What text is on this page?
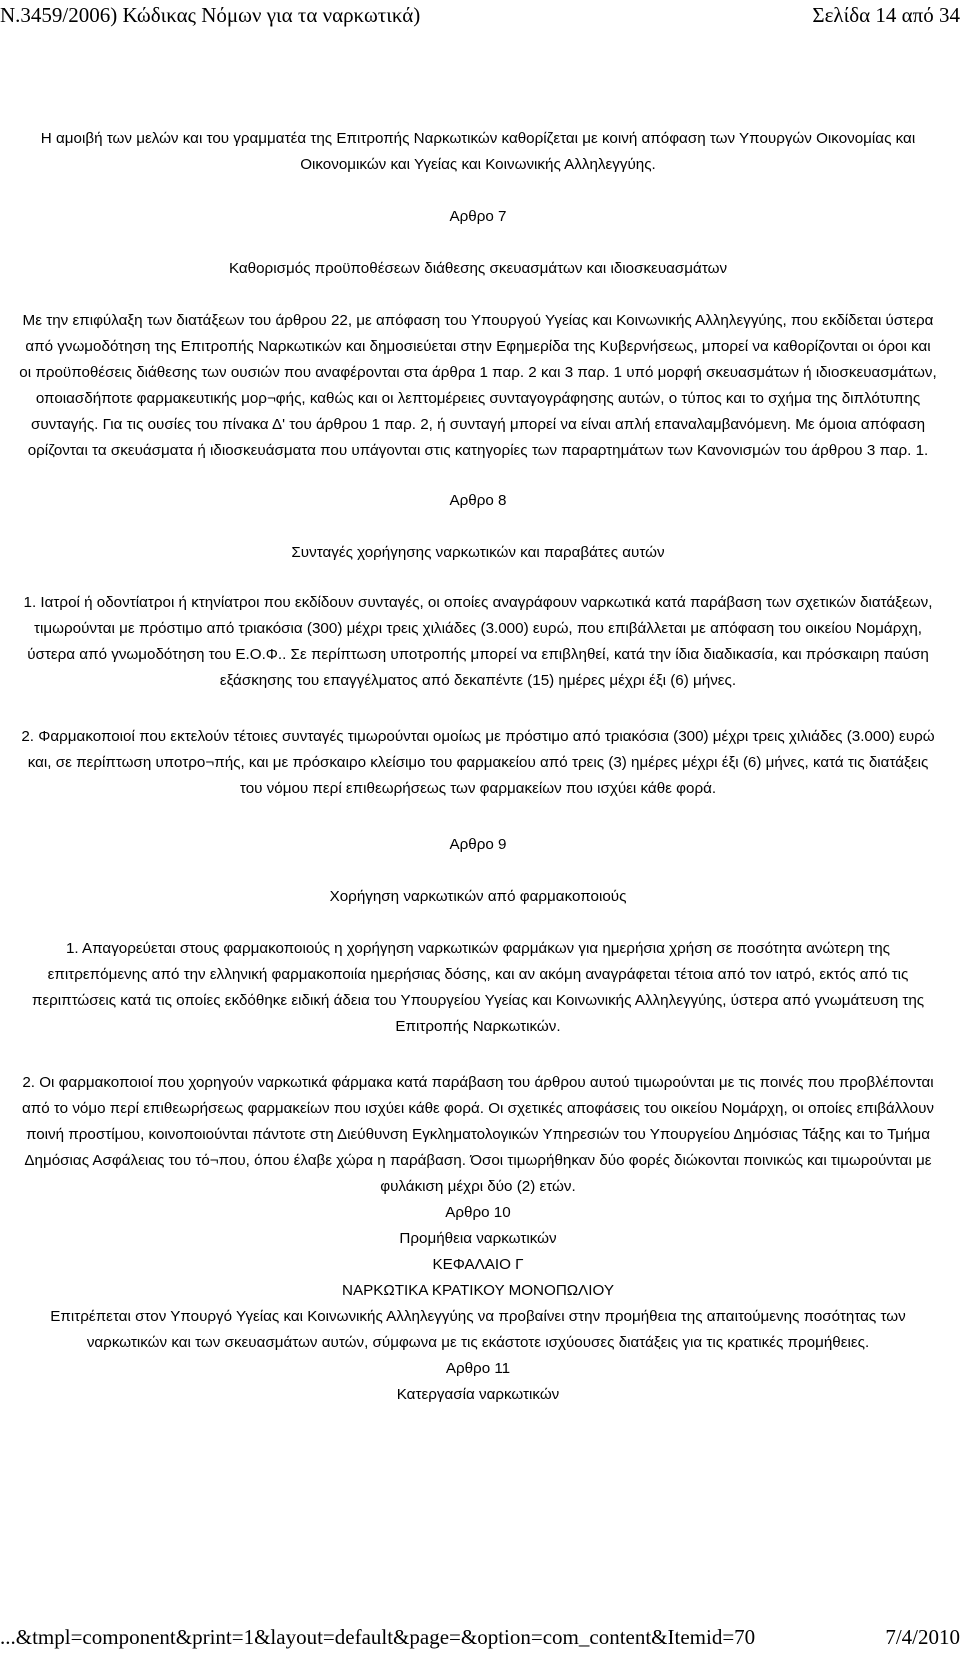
N.3459/2006) Κώδικας Νόμων για τα ναρκωτικά)	Σελίδα 14 από 34

Η αμοιβή των μελών και του γραμματέα της Επιτροπής Ναρκωτικών καθορίζεται με κοινή απόφαση των Υπουργών Οικονομίας και Οικονομικών και Υγείας και Κοινωνικής Αλληλεγγύης.

Αρθρο 7

Καθορισμός προϋποθέσεων διάθεσης σκευασμάτων και ιδιοσκευασμάτων

Με την επιφύλαξη των διατάξεων του άρθρου 22, με απόφαση του Υπουργού Υγείας και Κοινωνικής Αλληλεγγύης, που εκδίδεται ύστερα από γνωμοδότηση της Επιτροπής Ναρκωτικών και δημοσιεύεται στην Εφημερίδα της Κυβερνήσεως, μπορεί να καθορίζονται οι όροι και οι προϋποθέσεις διάθεσης των ουσιών που αναφέρονται στα άρθρα 1 παρ. 2 και 3 παρ. 1 υπό μορφή σκευασμάτων ή ιδιοσκευασμάτων, οποιασδήποτε φαρμακευτικής μορ¬φής, καθώς και οι λεπτομέρειες συνταγογράφησης αυτών, ο τύπος και το σχήμα της διπλότυπης συνταγής. Για τις ουσίες του πίνακα Δ' του άρθρου 1 παρ. 2, ή συνταγή μπορεί να είναι απλή επαναλαμβανόμενη. Με όμοια απόφαση ορίζονται τα σκευάσματα ή ιδιοσκευάσματα που υπάγονται στις κατηγορίες των παραρτημάτων των Κανονισμών του άρθρου 3 παρ. 1.

Αρθρο 8

Συνταγές χορήγησης ναρκωτικών και παραβάτες αυτών

1. Ιατροί ή οδοντίατροι ή κτηνίατροι που εκδίδουν συνταγές, οι οποίες αναγράφουν ναρκωτικά κατά παράβαση των σχετικών διατάξεων, τιμωρούνται με πρόστιμο από τριακόσια (300) μέχρι τρεις χιλιάδες (3.000) ευρώ, που επιβάλλεται με απόφαση του οικείου Νομάρχη, ύστερα από γνωμοδότηση του Ε.Ο.Φ.. Σε περίπτωση υποτροπής μπορεί να επιβληθεί, κατά την ίδια διαδικασία, και πρόσκαιρη παύση εξάσκησης του επαγγέλματος από δεκαπέντε (15) ημέρες μέχρι έξι (6) μήνες.

2. Φαρμακοποιοί που εκτελούν τέτοιες συνταγές τιμωρούνται ομοίως με πρόστιμο από τριακόσια (300) μέχρι τρεις χιλιάδες (3.000) ευρώ και, σε περίπτωση υποτρο¬πής, και με πρόσκαιρο κλείσιμο του φαρμακείου από τρεις (3) ημέρες μέχρι έξι (6) μήνες, κατά τις διατάξεις του νόμου περί επιθεωρήσεως των φαρμακείων που ισχύει κάθε φορά.

Αρθρο 9

Χορήγηση ναρκωτικών από φαρμακοποιούς

1. Απαγορεύεται στους φαρμακοποιούς η χορήγηση ναρκωτικών φαρμάκων για ημερήσια χρήση σε ποσότητα ανώτερη της επιτρεπόμενης από την ελληνική φαρμακοποιία ημερήσιας δόσης, και αν ακόμη αναγράφεται τέτοια από τον ιατρό, εκτός από τις περιπτώσεις κατά τις οποίες εκδόθηκε ειδική άδεια του Υπουργείου Υγείας και Κοινωνικής Αλληλεγγύης, ύστερα από γνωμάτευση της Επιτροπής Ναρκωτικών.

2. Οι φαρμακοποιοί που χορηγούν ναρκωτικά φάρμακα κατά παράβαση του άρθρου αυτού τιμωρούνται με τις ποινές που προβλέπονται από το νόμο περί επιθεωρήσεως φαρμακείων που ισχύει κάθε φορά. Οι σχετικές αποφάσεις του οικείου Νομάρχη, οι οποίες επιβάλλουν ποινή προστίμου, κοινοποιούνται πάντοτε στη Διεύθυνση Εγκληματολογικών Υπηρεσιών του Υπουργείου Δημόσιας Τάξης και το Τμήμα Δημόσιας Ασφάλειας του τό¬που, όπου έλαβε χώρα η παράβαση. Όσοι τιμωρήθηκαν δύο φορές διώκονται ποινικώς και τιμωρούνται με φυλάκιση μέχρι δύο (2) ετών.

Αρθρο 10

Προμήθεια ναρκωτικών

ΚΕΦΑΛΑΙΟ Γ

ΝΑΡΚΩΤΙΚΑ ΚΡΑΤΙΚΟΥ ΜΟΝΟΠΩΛΙΟΥ

Επιτρέπεται στον Υπουργό Υγείας και Κοινωνικής Αλληλεγγύης να προβαίνει στην προμήθεια της απαιτούμενης ποσότητας των ναρκωτικών και των σκευασμάτων αυτών, σύμφωνα με τις εκάστοτε ισχύουσες διατάξεις για τις κρατικές προμήθειες.

Αρθρο 11

Κατεργασία ναρκωτικών

...&tmpl=component&print=1&layout=default&page=&option=com_content&Itemid=70	7/4/2010
